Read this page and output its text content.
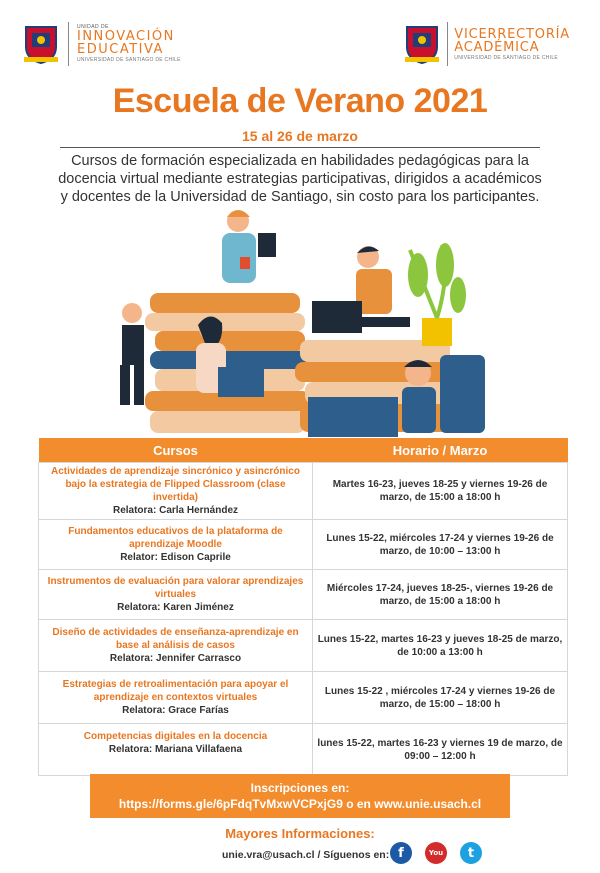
UNIDAD DE
INNOVACIÓN
EDUCATIVA
UNIVERSIDAD DE SANTIAGO DE CHILE
VICERRECTORÍA
ACADÉMICA
UNIVERSIDAD DE SANTIAGO DE CHILE
Escuela de Verano 2021
15 al 26 de marzo
Cursos de formación especializada en habilidades pedagógicas para la docencia virtual mediante estrategias participativas, dirigidos a académicos y docentes de la Universidad de Santiago, sin costo para los participantes.
Cursos	Horario / Marzo

Actividades de aprendizaje sincrónico y asincrónico bajo la estrategia de Flipped Classroom (clase invertida)
Relatora: Carla Hernández	Martes 16-23, jueves 18-25 y viernes 19-26 de marzo, de 15:00 a 18:00 h

Fundamentos educativos de la plataforma de aprendizaje Moodle
Relator: Edison Caprile	Lunes 15-22, miércoles 17-24 y viernes 19-26 de marzo, de 10:00 – 13:00 h

Instrumentos de evaluación para valorar aprendizajes virtuales
Relatora: Karen Jiménez	Miércoles 17-24, jueves 18-25-, viernes 19-26 de marzo, de 15:00 a 18:00 h

Diseño de actividades de enseñanza-aprendizaje en base al análisis de casos
Relatora: Jennifer Carrasco	Lunes 15-22, martes 16-23 y jueves 18-25 de marzo, de 10:00 a 13:00 h

Estrategias de retroalimentación para apoyar el aprendizaje en contextos virtuales
Relatora: Grace Farías	Lunes 15-22 , miércoles 17-24 y viernes 19-26 de marzo, de 15:00 – 18:00 h

Competencias digitales en la docencia
Relatora: Mariana Villafaena	lunes 15-22, martes 16-23 y viernes 19 de marzo, de 09:00 – 12:00 h
Inscripciones en:
https://forms.gle/6pFdqTvMxwVCPxjG9 o en www.unie.usach.cl
Mayores Informaciones:
unie.vra@usach.cl / Síguenos en: f	You	t
